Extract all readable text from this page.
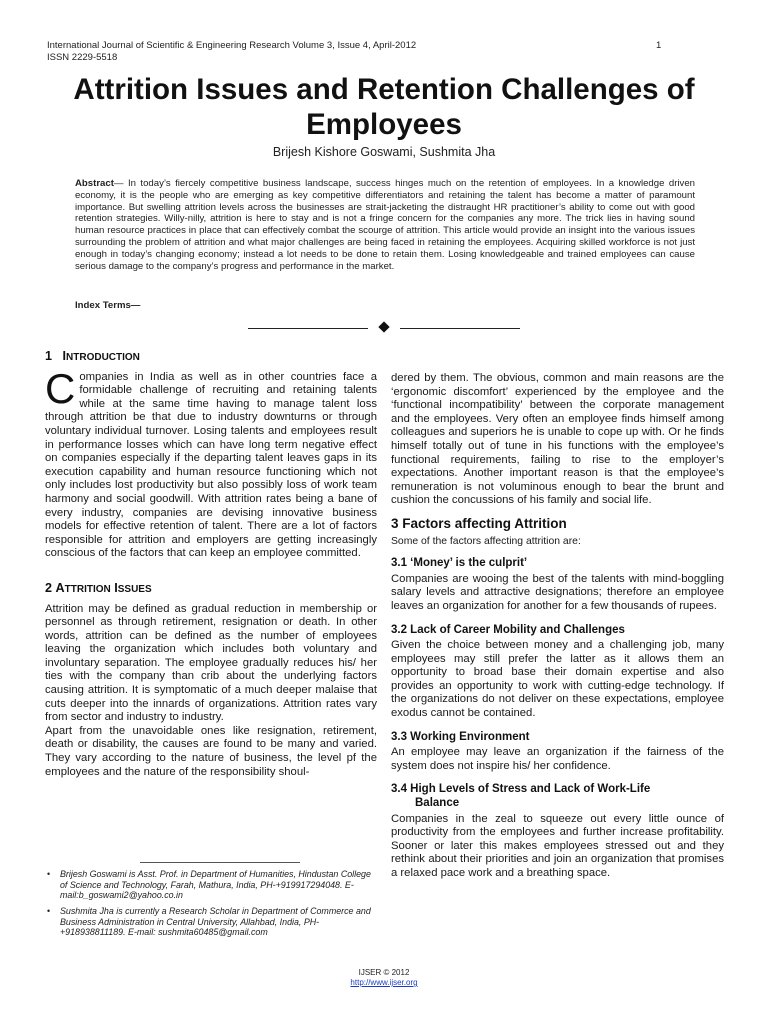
International Journal of Scientific & Engineering Research Volume 3, Issue 4, April-2012
ISSN 2229-5518
1
Attrition Issues and Retention Challenges of Employees
Brijesh Kishore Goswami, Sushmita Jha
Abstract— In today’s fiercely competitive business landscape, success hinges much on the retention of employees. In a knowledge driven economy, it is the people who are emerging as key competitive differentiators and retaining the talent has become a matter of paramount importance. But swelling attrition levels across the businesses are strait-jacketing the distraught HR practitioner’s ability to come out with good retention strategies. Willy-nilly, attrition is here to stay and is not a fringe concern for the companies any more. The trick lies in having sound human resource practices in place that can effectively combat the scourge of attrition. This article would provide an insight into the various issues surrounding the problem of attrition and what major challenges are being faced in retaining the employees. Acquiring skilled workforce is not just enough in today’s changing economy; instead a lot needs to be done to retain them. Losing knowledgeable and trained employees can cause serious damage to the company’s progress and performance in the market.
Index Terms—
1 INTRODUCTION

Companies in India as well as in other countries face a formidable challenge of recruiting and retaining talents while at the same time having to manage talent loss through attrition be that due to industry downturns or through voluntary individual turnover. Losing talents and employees result in performance losses which can have long term negative effect on companies especially if the departing talent leaves gaps in its execution capability and human resource functioning which not only includes lost productivity but also possibly loss of work team harmony and social goodwill. With attrition rates being a bane of every industry, companies are devising innovative business models for effective retention of talent. There are a lot of factors responsible for attrition and employers are getting increasingly conscious of the factors that can keep an employee committed.

2 ATTRITION ISSUES

Attrition may be defined as gradual reduction in membership or personnel as through retirement, resignation or death. In other words, attrition can be defined as the number of employees leaving the organization which includes both voluntary and involuntary separation. The employee gradually reduces his/ her ties with the company than crib about the underlying factors causing attrition. It is symptomatic of a much deeper malaise that cuts deeper into the innards of organizations. Attrition rates vary from sector and industry to industry.

Apart from the unavoidable ones like resignation, retirement, death or disability, the causes are found to be many and varied. They vary according to the nature of business, the level pf the employees and the nature of the responsibility shoul-

• Brijesh Goswami is Asst. Prof. in Department of Humanities, Hindustan College of Science and Technology, Farah, Mathura, India, PH-+919917294048. E-mail:b_goswami2@yahoo.co.in
• Sushmita Jha is currently a Research Scholar in Department of Commerce and Business Administration in Central University, Allahbad, India, PH-+918938811189. E-mail: sushmita60485@gmail.com

dered by them. The obvious, common and main reasons are the ‘ergonomic discomfort’ experienced by the employee and the ‘functional incompatibility’ between the corporate management and the employees. Very often an employee finds himself among colleagues and superiors he is unable to cope up with. Or he finds himself totally out of tune in his functions with the employee’s functional requirements, failing to rise to the employer’s expectations. Another important reason is that the employee’s remuneration is not voluminous enough to bear the brunt and cushion the concussions of his family and social life.

3 Factors affecting Attrition

Some of the factors affecting attrition are:

3.1 ‘Money’ is the culprit’

Companies are wooing the best of the talents with mind-boggling salary levels and attractive designations; therefore an employee leaves an organization for another for a few thousands of rupees.

3.2 Lack of Career Mobility and Challenges

Given the choice between money and a challenging job, many employees may still prefer the latter as it allows them an opportunity to broad base their domain expertise and also provides an opportunity to work with cutting-edge technology. If the organizations do not deliver on these expectations, employee exodus cannot be contained.

3.3 Working Environment

An employee may leave an organization if the fairness of the system does not inspire his/ her confidence.

3.4 High Levels of Stress and Lack of Work-Life
Balance

Companies in the zeal to squeeze out every little ounce of productivity from the employees and further increase profitability. Sooner or later this makes employees stressed out and they rethink about their priorities and join an organization that promises a relaxed pace work and a breathing space.

IJSER © 2012
http://www.ijser.org
